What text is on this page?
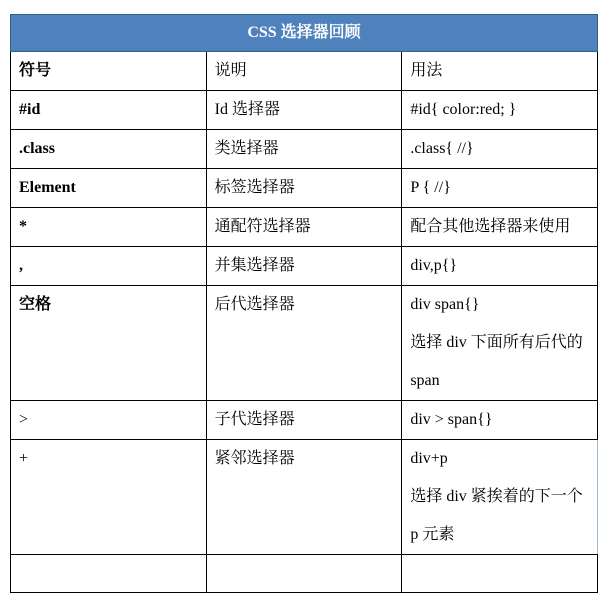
CSS 选择器回顾		
符号	说明	用法
#id	Id 选择器	#id{ color:red; }
.class	类选择器	.class{ //}
Element	标签选择器	P { //}
*	通配符选择器	配合其他选择器来使用
,	并集选择器	div,p{}
空格	后代选择器	div span{}
选择 div 下面所有后代的
span

>	子代选择器	div > span{}
+	紧邻选择器	div+p
选择 div 紧挨着的下一个
p 元素
